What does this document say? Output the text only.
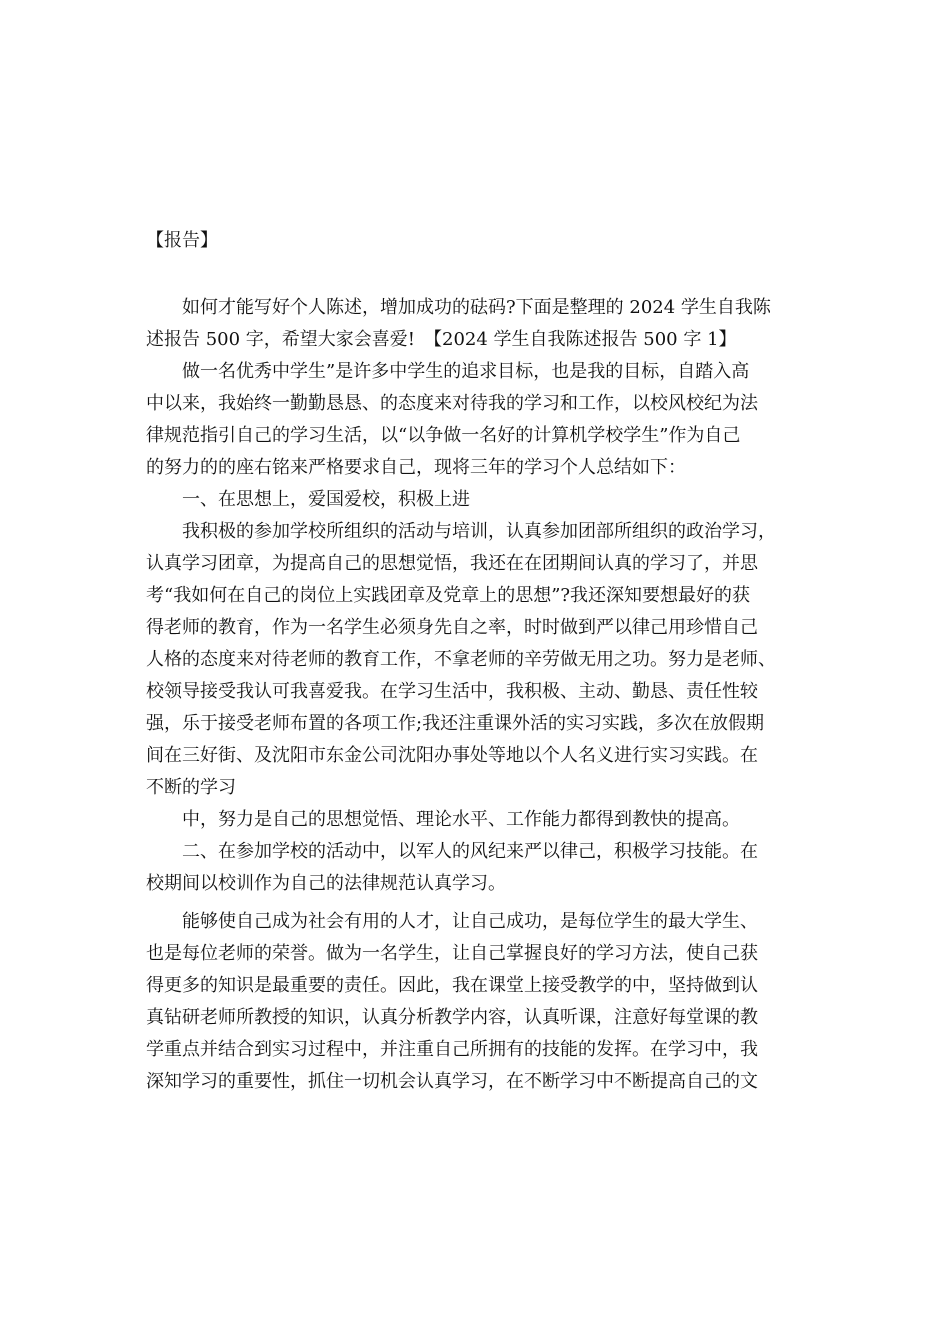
【报告】

如何才能写好个人陈述，增加成功的砝码?下面是整理的 2024 学生自我陈

述报告 500 字，希望大家会喜爱!　【2024 学生自我陈述报告 500 字 1】

做一名优秀中学生”是许多中学生的追求目标，也是我的目标，自踏入高

中以来，我始终一勤勤恳恳、的态度来对待我的学习和工作，以校风校纪为法

律规范指引自己的学习生活，以“以争做一名好的计算机学校学生”作为自己

的努力的的座右铭来严格要求自己，现将三年的学习个人总结如下：

一、在思想上，爱国爱校，积极上进

我积极的参加学校所组织的活动与培训，认真参加团部所组织的政治学习，

认真学习团章，为提高自己的思想觉悟，我还在在团期间认真的学习了，并思

考“我如何在自己的岗位上实践团章及党章上的思想”?我还深知要想最好的获

得老师的教育，作为一名学生必须身先自之率，时时做到严以律己用珍惜自己

人格的态度来对待老师的教育工作，不拿老师的辛劳做无用之功。努力是老师、

校领导接受我认可我喜爱我。在学习生活中，我积极、主动、勤恳、责任性较

强，乐于接受老师布置的各项工作;我还注重课外活的实习实践，多次在放假期

间在三好街、及沈阳市东金公司沈阳办事处等地以个人名义进行实习实践。在

不断的学习

中，努力是自己的思想觉悟、理论水平、工作能力都得到教快的提高。

二、在参加学校的活动中，以军人的风纪来严以律己，积极学习技能。在

校期间以校训作为自己的法律规范认真学习。

能够使自己成为社会有用的人才，让自己成功，是每位学生的最大学生、

也是每位老师的荣誉。做为一名学生，让自己掌握良好的学习方法，使自己获

得更多的知识是最重要的责任。因此，我在课堂上接受教学的中，坚持做到认

真钻研老师所教授的知识，认真分析教学内容，认真听课，注意好每堂课的教

学重点并结合到实习过程中，并注重自己所拥有的技能的发挥。在学习中，我

深知学习的重要性，抓住一切机会认真学习，在不断学习中不断提高自己的文
